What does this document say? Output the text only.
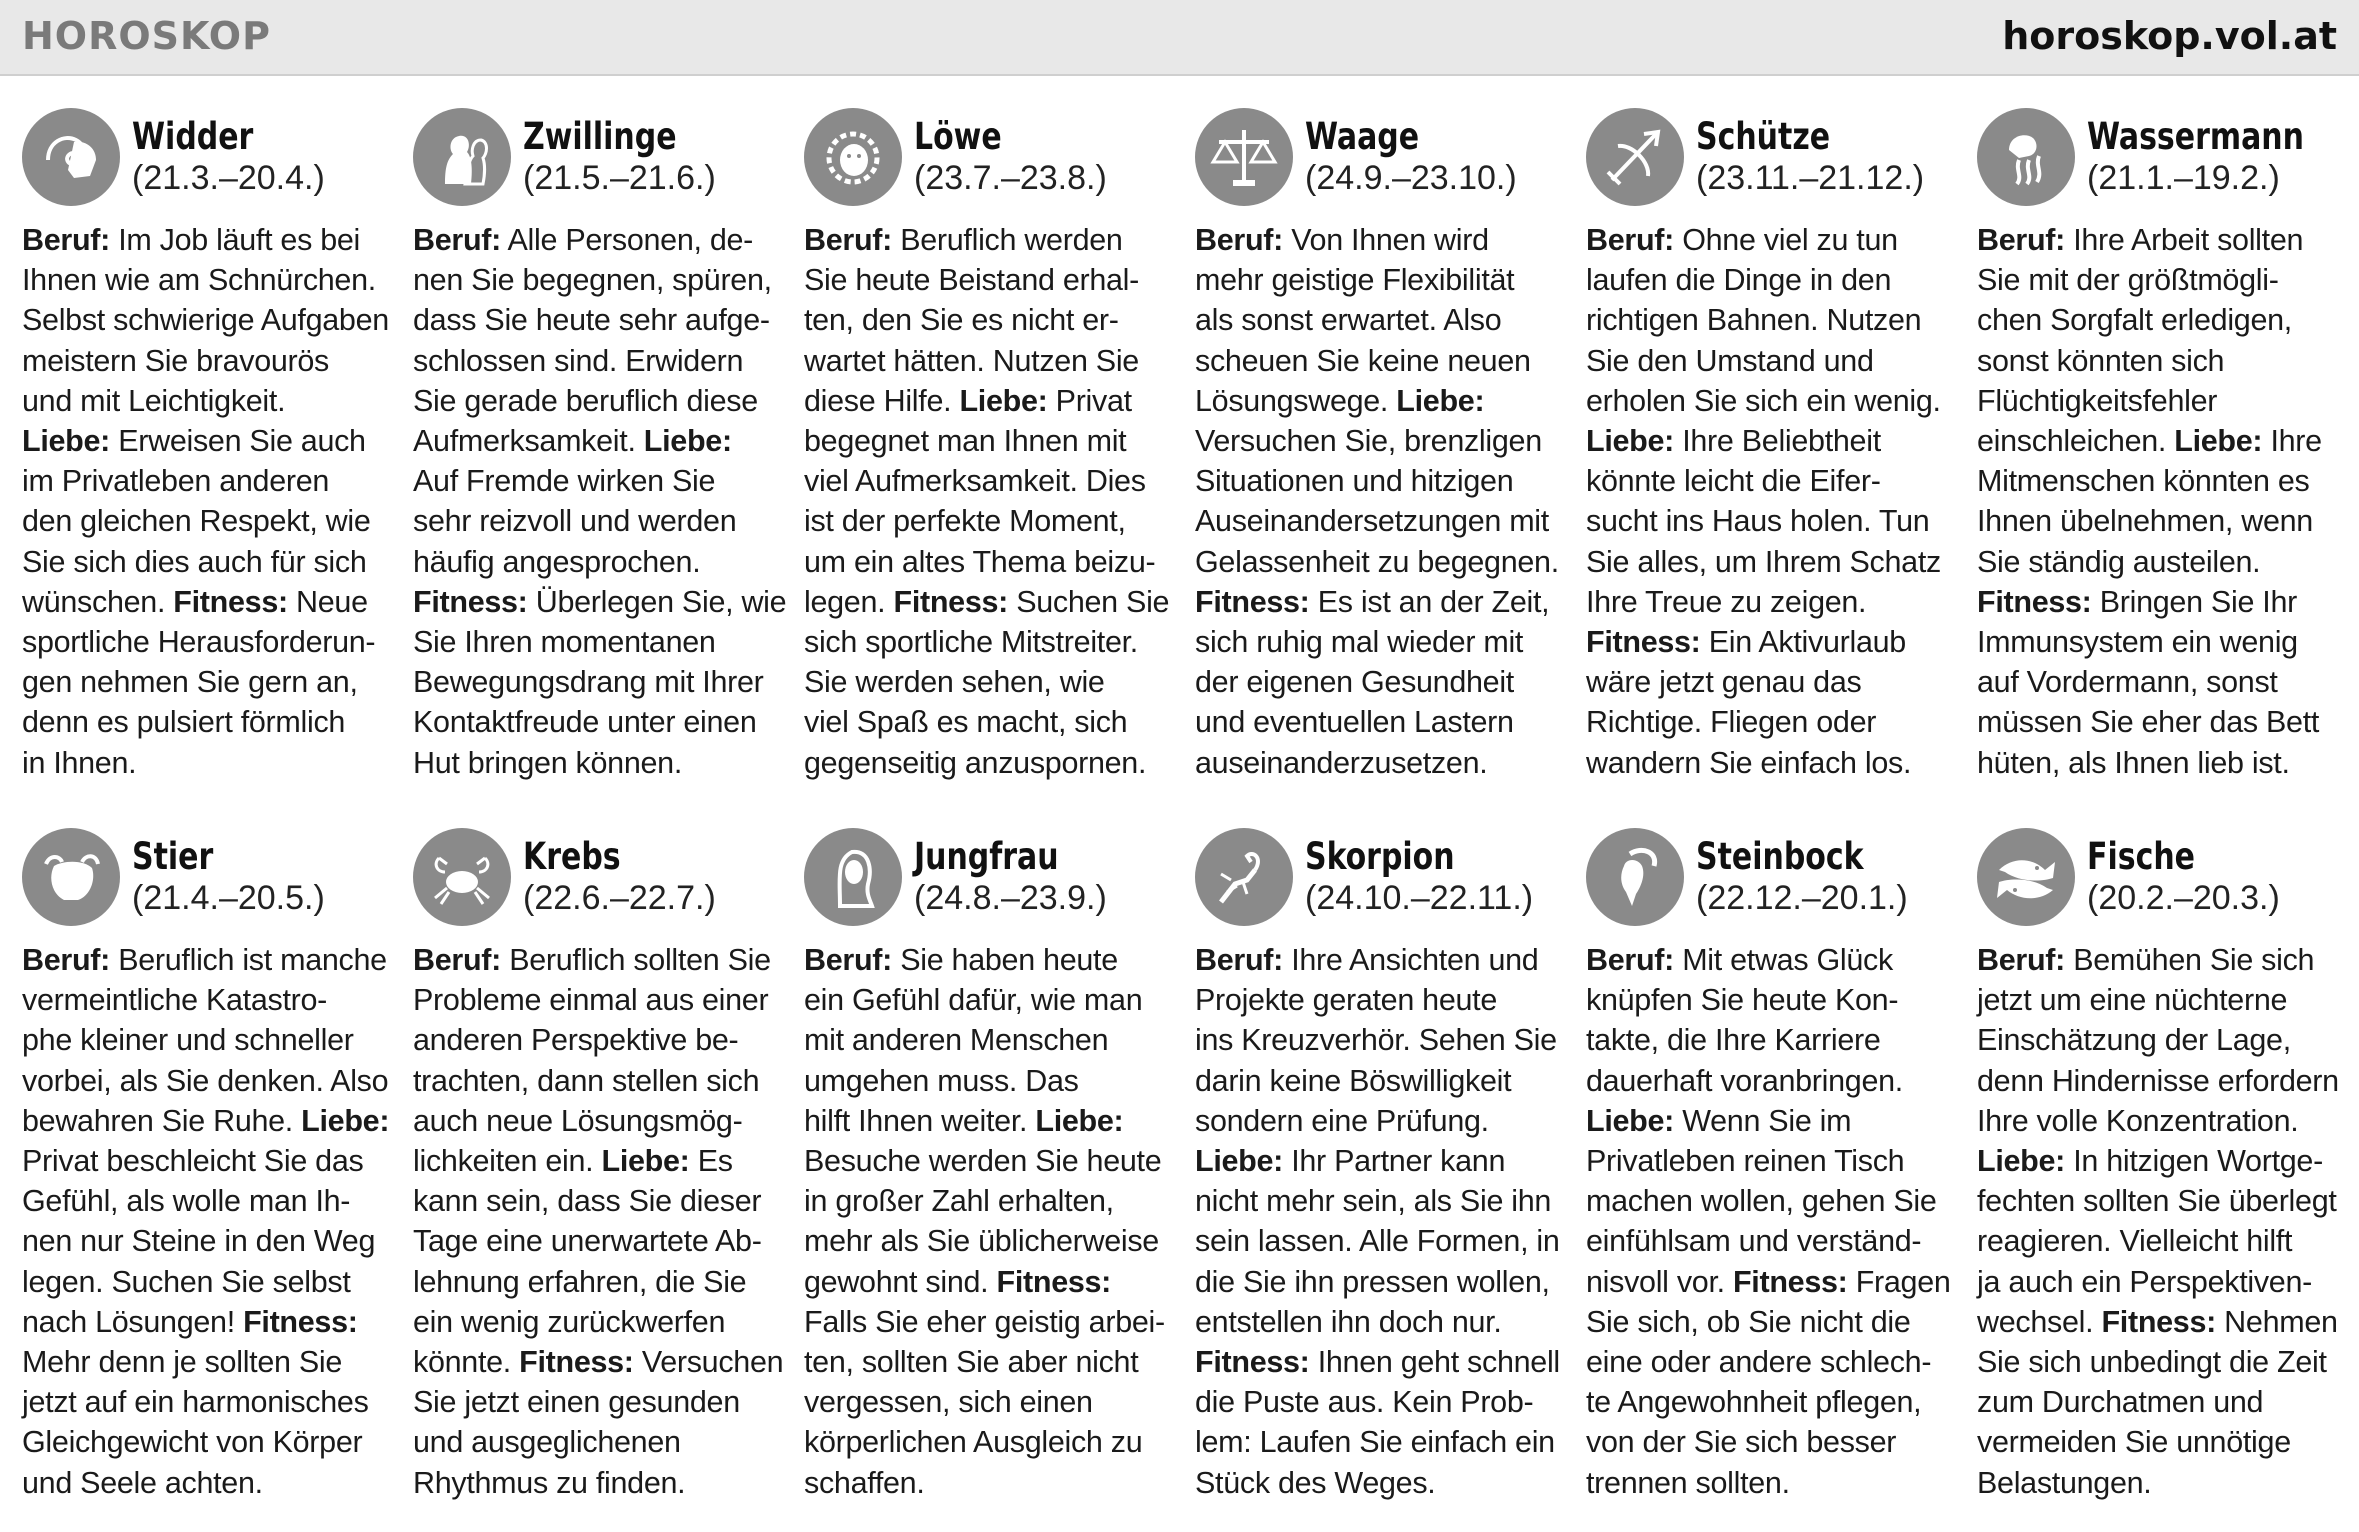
HOROSKOP	horoskop.vol.at
Widder
(21.3.–20.4.)
Beruf: Im Job läuft es bei
Ihnen wie am Schnürchen.
Selbst schwierige Aufgaben
meistern Sie bravourös
und mit Leichtigkeit.
Liebe: Erweisen Sie auch
im Privatleben anderen
den gleichen Respekt, wie
Sie sich dies auch für sich
wünschen. Fitness: Neue
sportliche Herausforderun-
gen nehmen Sie gern an,
denn es pulsiert förmlich
in Ihnen.
Zwillinge
(21.5.–21.6.)
Beruf: Alle Personen, de-
nen Sie begegnen, spüren,
dass Sie heute sehr aufge-
schlossen sind. Erwidern
Sie gerade beruflich diese
Aufmerksamkeit. Liebe:
Auf Fremde wirken Sie
sehr reizvoll und werden
häufig angesprochen.
Fitness: Überlegen Sie, wie
Sie Ihren momentanen
Bewegungsdrang mit Ihrer
Kontaktfreude unter einen
Hut bringen können.
Löwe
(23.7.–23.8.)
Beruf: Beruflich werden
Sie heute Beistand erhal-
ten, den Sie es nicht er-
wartet hätten. Nutzen Sie
diese Hilfe. Liebe: Privat
begegnet man Ihnen mit
viel Aufmerksamkeit. Dies
ist der perfekte Moment,
um ein altes Thema beizu-
legen. Fitness: Suchen Sie
sich sportliche Mitstreiter.
Sie werden sehen, wie
viel Spaß es macht, sich
gegenseitig anzuspornen.
Waage
(24.9.–23.10.)
Beruf: Von Ihnen wird
mehr geistige Flexibilität
als sonst erwartet. Also
scheuen Sie keine neuen
Lösungswege. Liebe:
Versuchen Sie, brenzligen
Situationen und hitzigen
Auseinandersetzungen mit
Gelassenheit zu begegnen.
Fitness: Es ist an der Zeit,
sich ruhig mal wieder mit
der eigenen Gesundheit
und eventuellen Lastern
auseinanderzusetzen.
Schütze
(23.11.–21.12.)
Beruf: Ohne viel zu tun
laufen die Dinge in den
richtigen Bahnen. Nutzen
Sie den Umstand und
erholen Sie sich ein wenig.
Liebe: Ihre Beliebtheit
könnte leicht die Eifer-
sucht ins Haus holen. Tun
Sie alles, um Ihrem Schatz
Ihre Treue zu zeigen.
Fitness: Ein Aktivurlaub
wäre jetzt genau das
Richtige. Fliegen oder
wandern Sie einfach los.
Wassermann
(21.1.–19.2.)
Beruf: Ihre Arbeit sollten
Sie mit der größtmögli-
chen Sorgfalt erledigen,
sonst könnten sich
Flüchtigkeitsfehler
einschleichen. Liebe: Ihre
Mitmenschen könnten es
Ihnen übelnehmen, wenn
Sie ständig austeilen.
Fitness: Bringen Sie Ihr
Immunsystem ein wenig
auf Vordermann, sonst
müssen Sie eher das Bett
hüten, als Ihnen lieb ist.
Stier
(21.4.–20.5.)
Beruf: Beruflich ist manche
vermeintliche Katastro-
phe kleiner und schneller
vorbei, als Sie denken. Also
bewahren Sie Ruhe. Liebe:
Privat beschleicht Sie das
Gefühl, als wolle man Ih-
nen nur Steine in den Weg
legen. Suchen Sie selbst
nach Lösungen! Fitness:
Mehr denn je sollten Sie
jetzt auf ein harmonisches
Gleichgewicht von Körper
und Seele achten.
Krebs
(22.6.–22.7.)
Beruf: Beruflich sollten Sie
Probleme einmal aus einer
anderen Perspektive be-
trachten, dann stellen sich
auch neue Lösungsmög-
lichkeiten ein. Liebe: Es
kann sein, dass Sie dieser
Tage eine unerwartete Ab-
lehnung erfahren, die Sie
ein wenig zurückwerfen
könnte. Fitness: Versuchen
Sie jetzt einen gesunden
und ausgeglichenen
Rhythmus zu finden.
Jungfrau
(24.8.–23.9.)
Beruf: Sie haben heute
ein Gefühl dafür, wie man
mit anderen Menschen
umgehen muss. Das
hilft Ihnen weiter. Liebe:
Besuche werden Sie heute
in großer Zahl erhalten,
mehr als Sie üblicherweise
gewohnt sind. Fitness:
Falls Sie eher geistig arbei-
ten, sollten Sie aber nicht
vergessen, sich einen
körperlichen Ausgleich zu
schaffen.
Skorpion
(24.10.–22.11.)
Beruf: Ihre Ansichten und
Projekte geraten heute
ins Kreuzverhör. Sehen Sie
darin keine Böswilligkeit
sondern eine Prüfung.
Liebe: Ihr Partner kann
nicht mehr sein, als Sie ihn
sein lassen. Alle Formen, in
die Sie ihn pressen wollen,
entstellen ihn doch nur.
Fitness: Ihnen geht schnell
die Puste aus. Kein Prob-
lem: Laufen Sie einfach ein
Stück des Weges.
Steinbock
(22.12.–20.1.)
Beruf: Mit etwas Glück
knüpfen Sie heute Kon-
takte, die Ihre Karriere
dauerhaft voranbringen.
Liebe: Wenn Sie im
Privatleben reinen Tisch
machen wollen, gehen Sie
einfühlsam und verständ-
nisvoll vor. Fitness: Fragen
Sie sich, ob Sie nicht die
eine oder andere schlech-
te Angewohnheit pflegen,
von der Sie sich besser
trennen sollten.
Fische
(20.2.–20.3.)
Beruf: Bemühen Sie sich
jetzt um eine nüchterne
Einschätzung der Lage,
denn Hindernisse erfordern
Ihre volle Konzentration.
Liebe: In hitzigen Wortge-
fechten sollten Sie überlegt
reagieren. Vielleicht hilft
ja auch ein Perspektiven-
wechsel. Fitness: Nehmen
Sie sich unbedingt die Zeit
zum Durchatmen und
vermeiden Sie unnötige
Belastungen.
